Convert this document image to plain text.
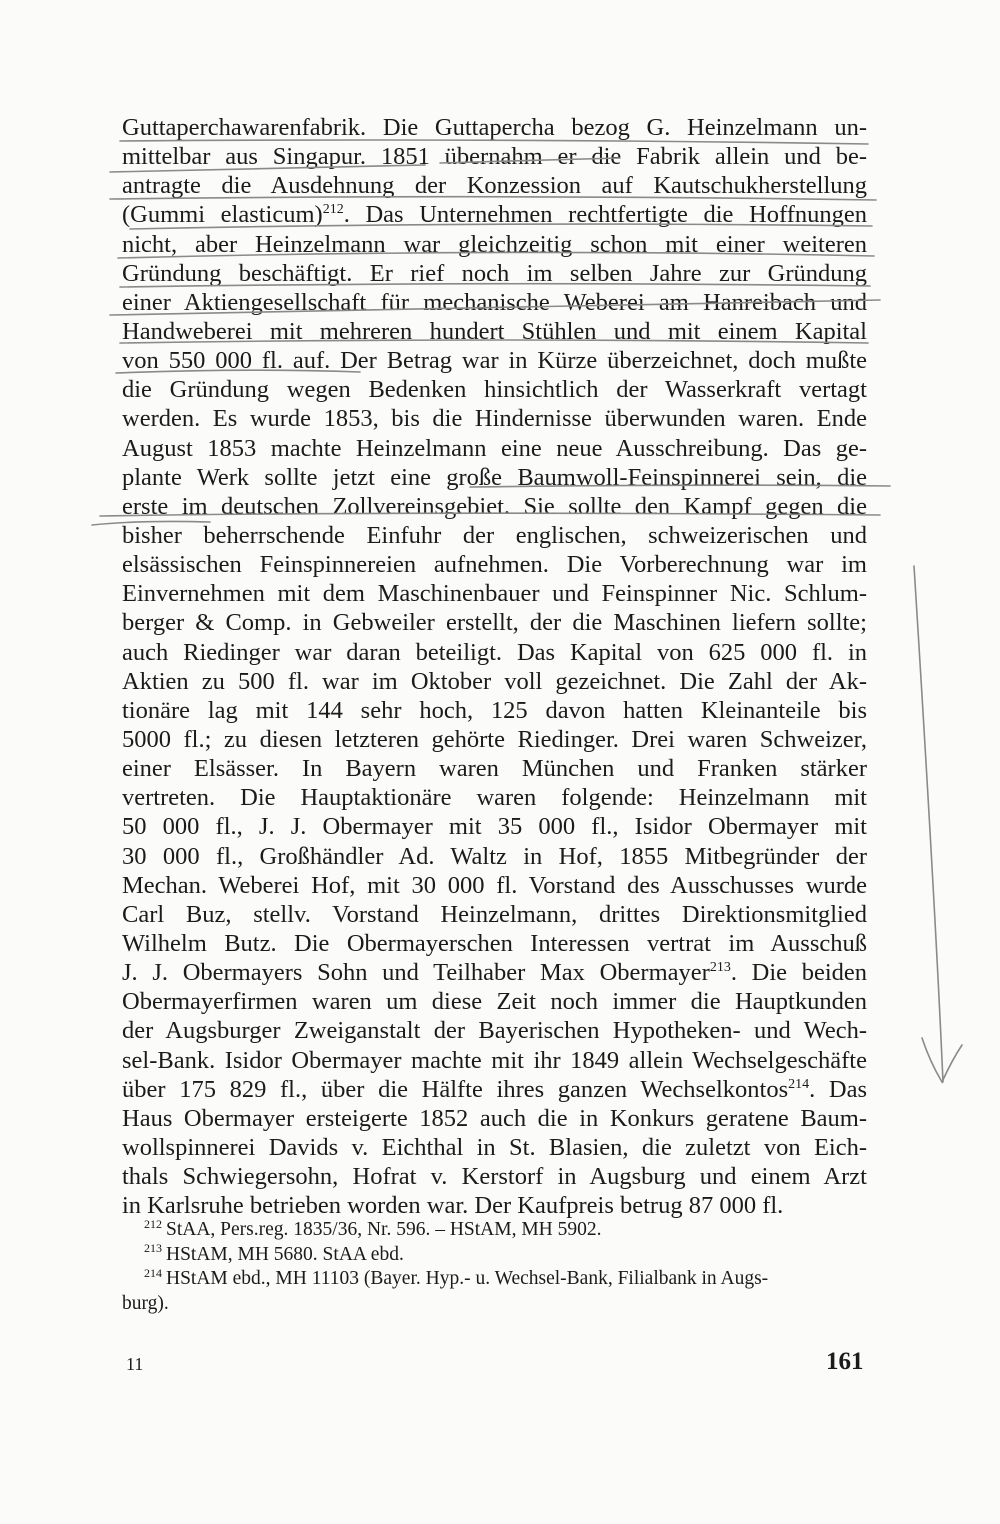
Guttaperchawarenfabrik. Die Guttapercha bezog G. Heinzelmann un-
mittelbar aus Singapur. 1851 übernahm er die Fabrik allein und be-
antragte die Ausdehnung der Konzession auf Kautschukherstellung
(Gummi elasticum)$^{212}$. Das Unternehmen rechtfertigte die Hoffnungen
nicht, aber Heinzelmann war gleichzeitig schon mit einer weiteren
Gründung beschäftigt. Er rief noch im selben Jahre zur Gründung
einer Aktiengesellschaft für mechanische Weberei am Hanreibach und
Handweberei mit mehreren hundert Stühlen und mit einem Kapital
von 550 000 fl. auf. Der Betrag war in Kürze überzeichnet, doch mußte
die Gründung wegen Bedenken hinsichtlich der Wasserkraft vertagt
werden. Es wurde 1853, bis die Hindernisse überwunden waren. Ende
August 1853 machte Heinzelmann eine neue Ausschreibung. Das ge-
plante Werk sollte jetzt eine große Baumwoll-Feinspinnerei sein, die
erste im deutschen Zollvereinsgebiet. Sie sollte den Kampf gegen die
bisher beherrschende Einfuhr der englischen, schweizerischen und
elsässischen Feinspinnereien aufnehmen. Die Vorberechnung war im
Einvernehmen mit dem Maschinenbauer und Feinspinner Nic. Schlum-
berger & Comp. in Gebweiler erstellt, der die Maschinen liefern sollte;
auch Riedinger war daran beteiligt. Das Kapital von 625 000 fl. in
Aktien zu 500 fl. war im Oktober voll gezeichnet. Die Zahl der Ak-
tionäre lag mit 144 sehr hoch, 125 davon hatten Kleinanteile bis
5000 fl.; zu diesen letzteren gehörte Riedinger. Drei waren Schweizer,
einer Elsässer. In Bayern waren München und Franken stärker
vertreten. Die Hauptaktionäre waren folgende: Heinzelmann mit
50 000 fl., J. J. Obermayer mit 35 000 fl., Isidor Obermayer mit
30 000 fl., Großhändler Ad. Waltz in Hof, 1855 Mitbegründer der
Mechan. Weberei Hof, mit 30 000 fl. Vorstand des Ausschusses wurde
Carl Buz, stellv. Vorstand Heinzelmann, drittes Direktionsmitglied
Wilhelm Butz. Die Obermayerschen Interessen vertrat im Ausschuß
J. J. Obermayers Sohn und Teilhaber Max Obermayer$^{213}$. Die beiden
Obermayerfirmen waren um diese Zeit noch immer die Hauptkunden
der Augsburger Zweiganstalt der Bayerischen Hypotheken- und Wech-
sel-Bank. Isidor Obermayer machte mit ihr 1849 allein Wechselgeschäfte
über 175 829 fl., über die Hälfte ihres ganzen Wechselkontos$^{214}$. Das
Haus Obermayer ersteigerte 1852 auch die in Konkurs geratene Baum-
wollspinnerei Davids v. Eichthal in St. Blasien, die zuletzt von Eich-
thals Schwiegersohn, Hofrat v. Kerstorf in Augsburg und einem Arzt
in Karlsruhe betrieben worden war. Der Kaufpreis betrug 87 000 fl.
$^{212}$ StAA, Pers.reg. 1835/36, Nr. 596. – HStAM, MH 5902.
$^{213}$ HStAM, MH 5680. StAA ebd.
$^{214}$ HStAM ebd., MH 11103 (Bayer. Hyp.- u. Wechsel-Bank, Filialbank in Augs-
burg).
11	161
